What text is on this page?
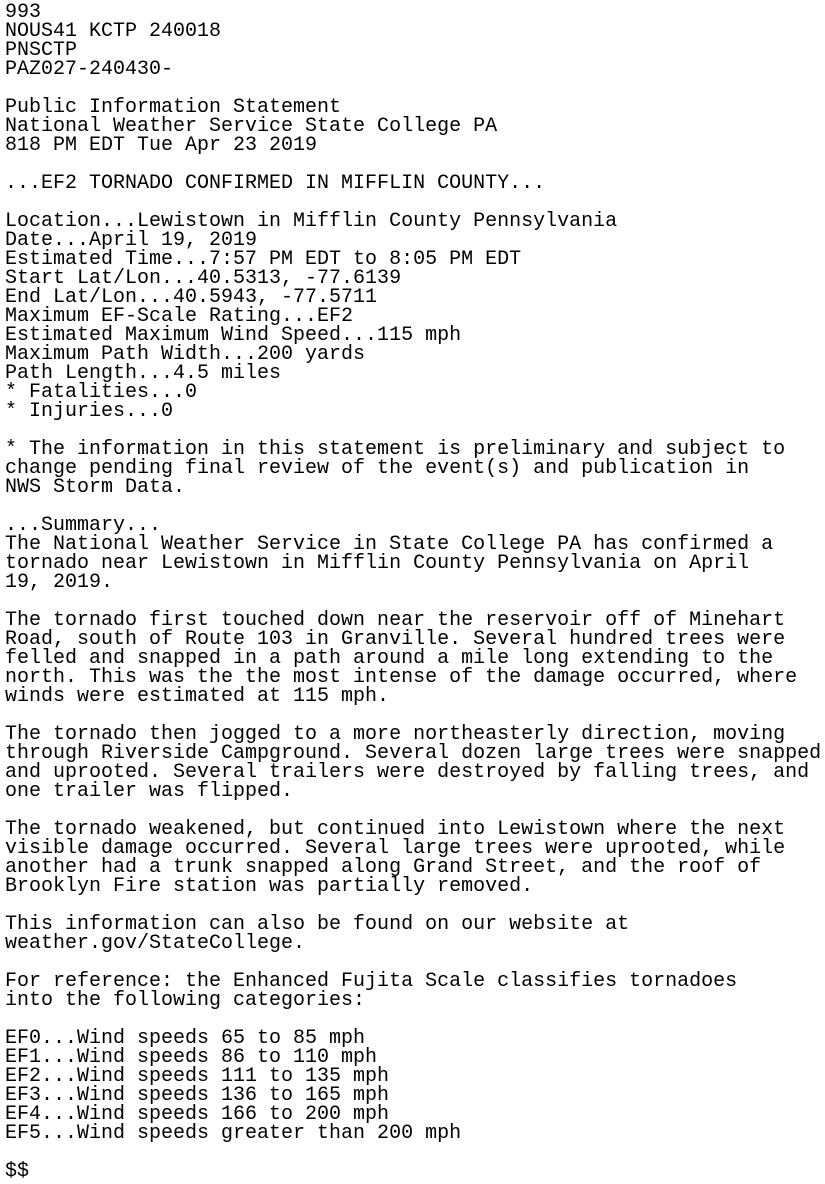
993
NOUS41 KCTP 240018
PNSCTP
PAZ027-240430-
Public Information Statement
National Weather Service State College PA
818 PM EDT Tue Apr 23 2019
...EF2 TORNADO CONFIRMED IN MIFFLIN COUNTY...
Location...Lewistown in Mifflin County Pennsylvania
Date...April 19, 2019
Estimated Time...7:57 PM EDT to 8:05 PM EDT
Start Lat/Lon...40.5313, -77.6139
End Lat/Lon...40.5943, -77.5711
Maximum EF-Scale Rating...EF2
Estimated Maximum Wind Speed...115 mph
Maximum Path Width...200 yards
Path Length...4.5 miles
* Fatalities...0
* Injuries...0
* The information in this statement is preliminary and subject to
change pending final review of the event(s) and publication in
NWS Storm Data.
...Summary...
The National Weather Service in State College PA has confirmed a
tornado near Lewistown in Mifflin County Pennsylvania on April
19, 2019.
The tornado first touched down near the reservoir off of Minehart
Road, south of Route 103 in Granville. Several hundred trees were
felled and snapped in a path around a mile long extending to the
north. This was the the most intense of the damage occurred, where
winds were estimated at 115 mph.
The tornado then jogged to a more northeasterly direction, moving
through Riverside Campground. Several dozen large trees were snapped
and uprooted. Several trailers were destroyed by falling trees, and
one trailer was flipped.
The tornado weakened, but continued into Lewistown where the next
visible damage occurred. Several large trees were uprooted, while
another had a trunk snapped along Grand Street, and the roof of
Brooklyn Fire station was partially removed.
This information can also be found on our website at
weather.gov/StateCollege.
For reference: the Enhanced Fujita Scale classifies tornadoes
into the following categories:
EF0...Wind speeds 65 to 85 mph
EF1...Wind speeds 86 to 110 mph
EF2...Wind speeds 111 to 135 mph
EF3...Wind speeds 136 to 165 mph
EF4...Wind speeds 166 to 200 mph
EF5...Wind speeds greater than 200 mph
$$
